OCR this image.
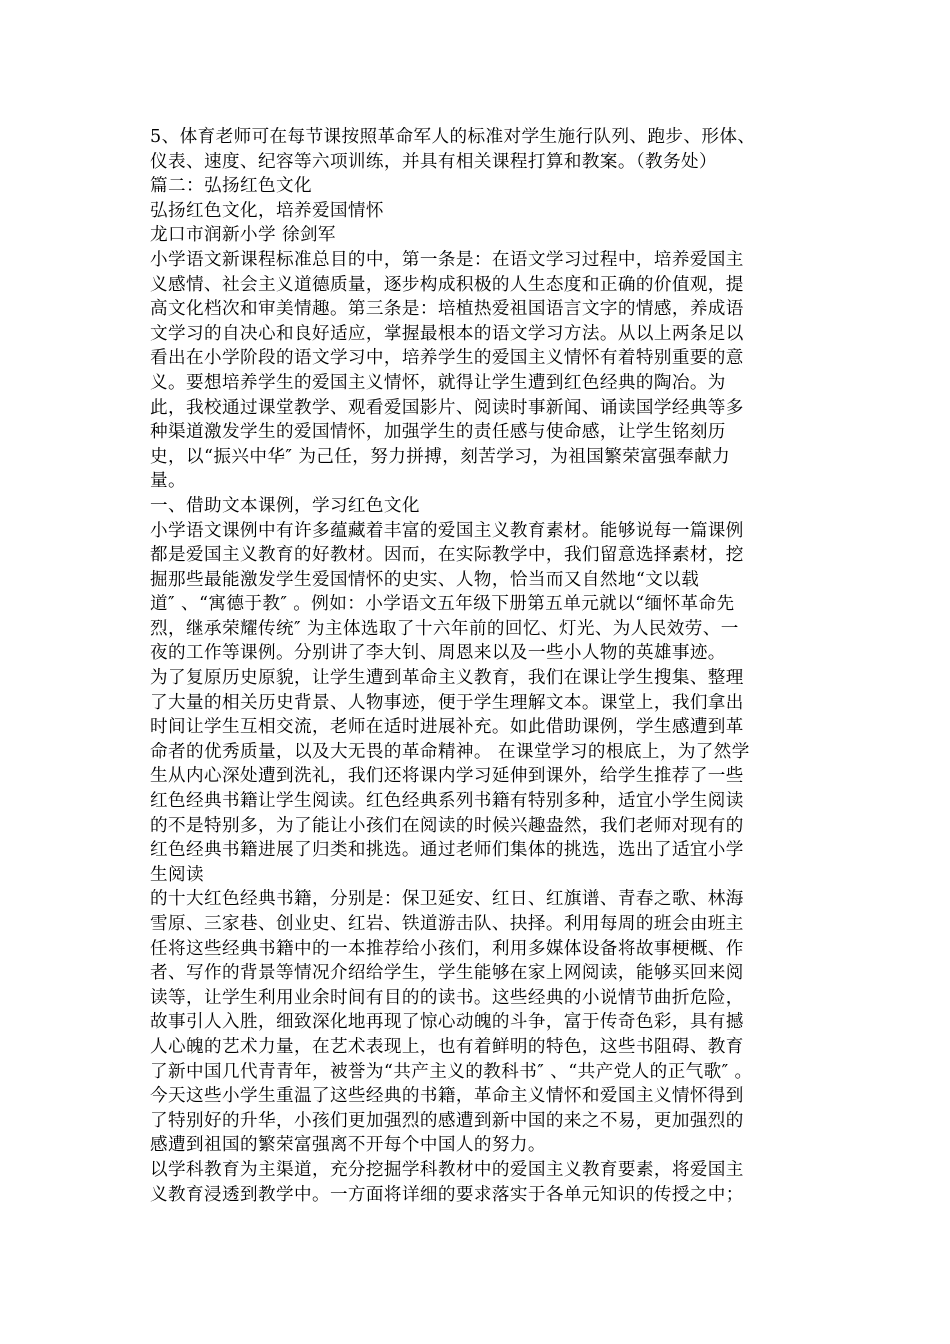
5、体育老师可在每节课按照革命军人的标准对学生施行队列、跑步、形体、
仪表、速度、纪容等六项训练，并具有相关课程打算和教案。（教务处）
篇二：弘扬红色文化
弘扬红色文化，培养爱国情怀
龙口市润新小学 徐剑军
小学语文新课程标准总目的中，第一条是：在语文学习过程中，培养爱国主
义感情、社会主义道德质量，逐步构成积极的人生态度和正确的价值观，提
高文化档次和审美情趣。第三条是：培植热爱祖国语言文字的情感，养成语
文学习的自决心和良好适应，掌握最根本的语文学习方法。从以上两条足以
看出在小学阶段的语文学习中，培养学生的爱国主义情怀有着特别重要的意
义。要想培养学生的爱国主义情怀，就得让学生遭到红色经典的陶冶。为
此，我校通过课堂教学、观看爱国影片、阅读时事新闻、诵读国学经典等多
种渠道激发学生的爱国情怀，加强学生的责任感与使命感，让学生铭刻历
史，以“振兴中华″ 为己任，努力拼搏，刻苦学习，为祖国繁荣富强奉献力
量。
一、借助文本课例，学习红色文化
小学语文课例中有许多蕴藏着丰富的爱国主义教育素材。能够说每一篇课例
都是爱国主义教育的好教材。因而，在实际教学中，我们留意选择素材，挖
掘那些最能激发学生爱国情怀的史实、人物，恰当而又自然地“文以载
道″ 、“寓德于教″ 。例如：小学语文五年级下册第五单元就以“缅怀革命先
烈，继承荣耀传统″ 为主体选取了十六年前的回忆、灯光、为人民效劳、一
夜的工作等课例。分别讲了李大钊、周恩来以及一些小人物的英雄事迹。
为了复原历史原貌，让学生遭到革命主义教育，我们在课让学生搜集、整理
了大量的相关历史背景、人物事迹，便于学生理解文本。课堂上，我们拿出
时间让学生互相交流，老师在适时进展补充。如此借助课例，学生感遭到革
命者的优秀质量，以及大无畏的革命精神。 在课堂学习的根底上，为了然学
生从内心深处遭到洗礼，我们还将课内学习延伸到课外，给学生推荐了一些
红色经典书籍让学生阅读。红色经典系列书籍有特别多种，适宜小学生阅读
的不是特别多，为了能让小孩们在阅读的时候兴趣盎然，我们老师对现有的
红色经典书籍进展了归类和挑选。通过老师们集体的挑选，选出了适宜小学
生阅读
的十大红色经典书籍，分别是：保卫延安、红日、红旗谱、青春之歌、林海
雪原、三家巷、创业史、红岩、铁道游击队、抉择。利用每周的班会由班主
任将这些经典书籍中的一本推荐给小孩们，利用多媒体设备将故事梗概、作
者、写作的背景等情况介绍给学生，学生能够在家上网阅读，能够买回来阅
读等，让学生利用业余时间有目的的读书。这些经典的小说情节曲折危险，
故事引人入胜，细致深化地再现了惊心动魄的斗争，富于传奇色彩，具有撼
人心魄的艺术力量，在艺术表现上，也有着鲜明的特色，这些书阻碍、教育
了新中国几代青青年，被誉为“共产主义的教科书″ 、“共产党人的正气歌″ 。
今天这些小学生重温了这些经典的书籍，革命主义情怀和爱国主义情怀得到
了特别好的升华，小孩们更加强烈的感遭到新中国的来之不易，更加强烈的
感遭到祖国的繁荣富强离不开每个中国人的努力。
以学科教育为主渠道，充分挖掘学科教材中的爱国主义教育要素，将爱国主
义教育浸透到教学中。一方面将详细的要求落实于各单元知识的传授之中；
